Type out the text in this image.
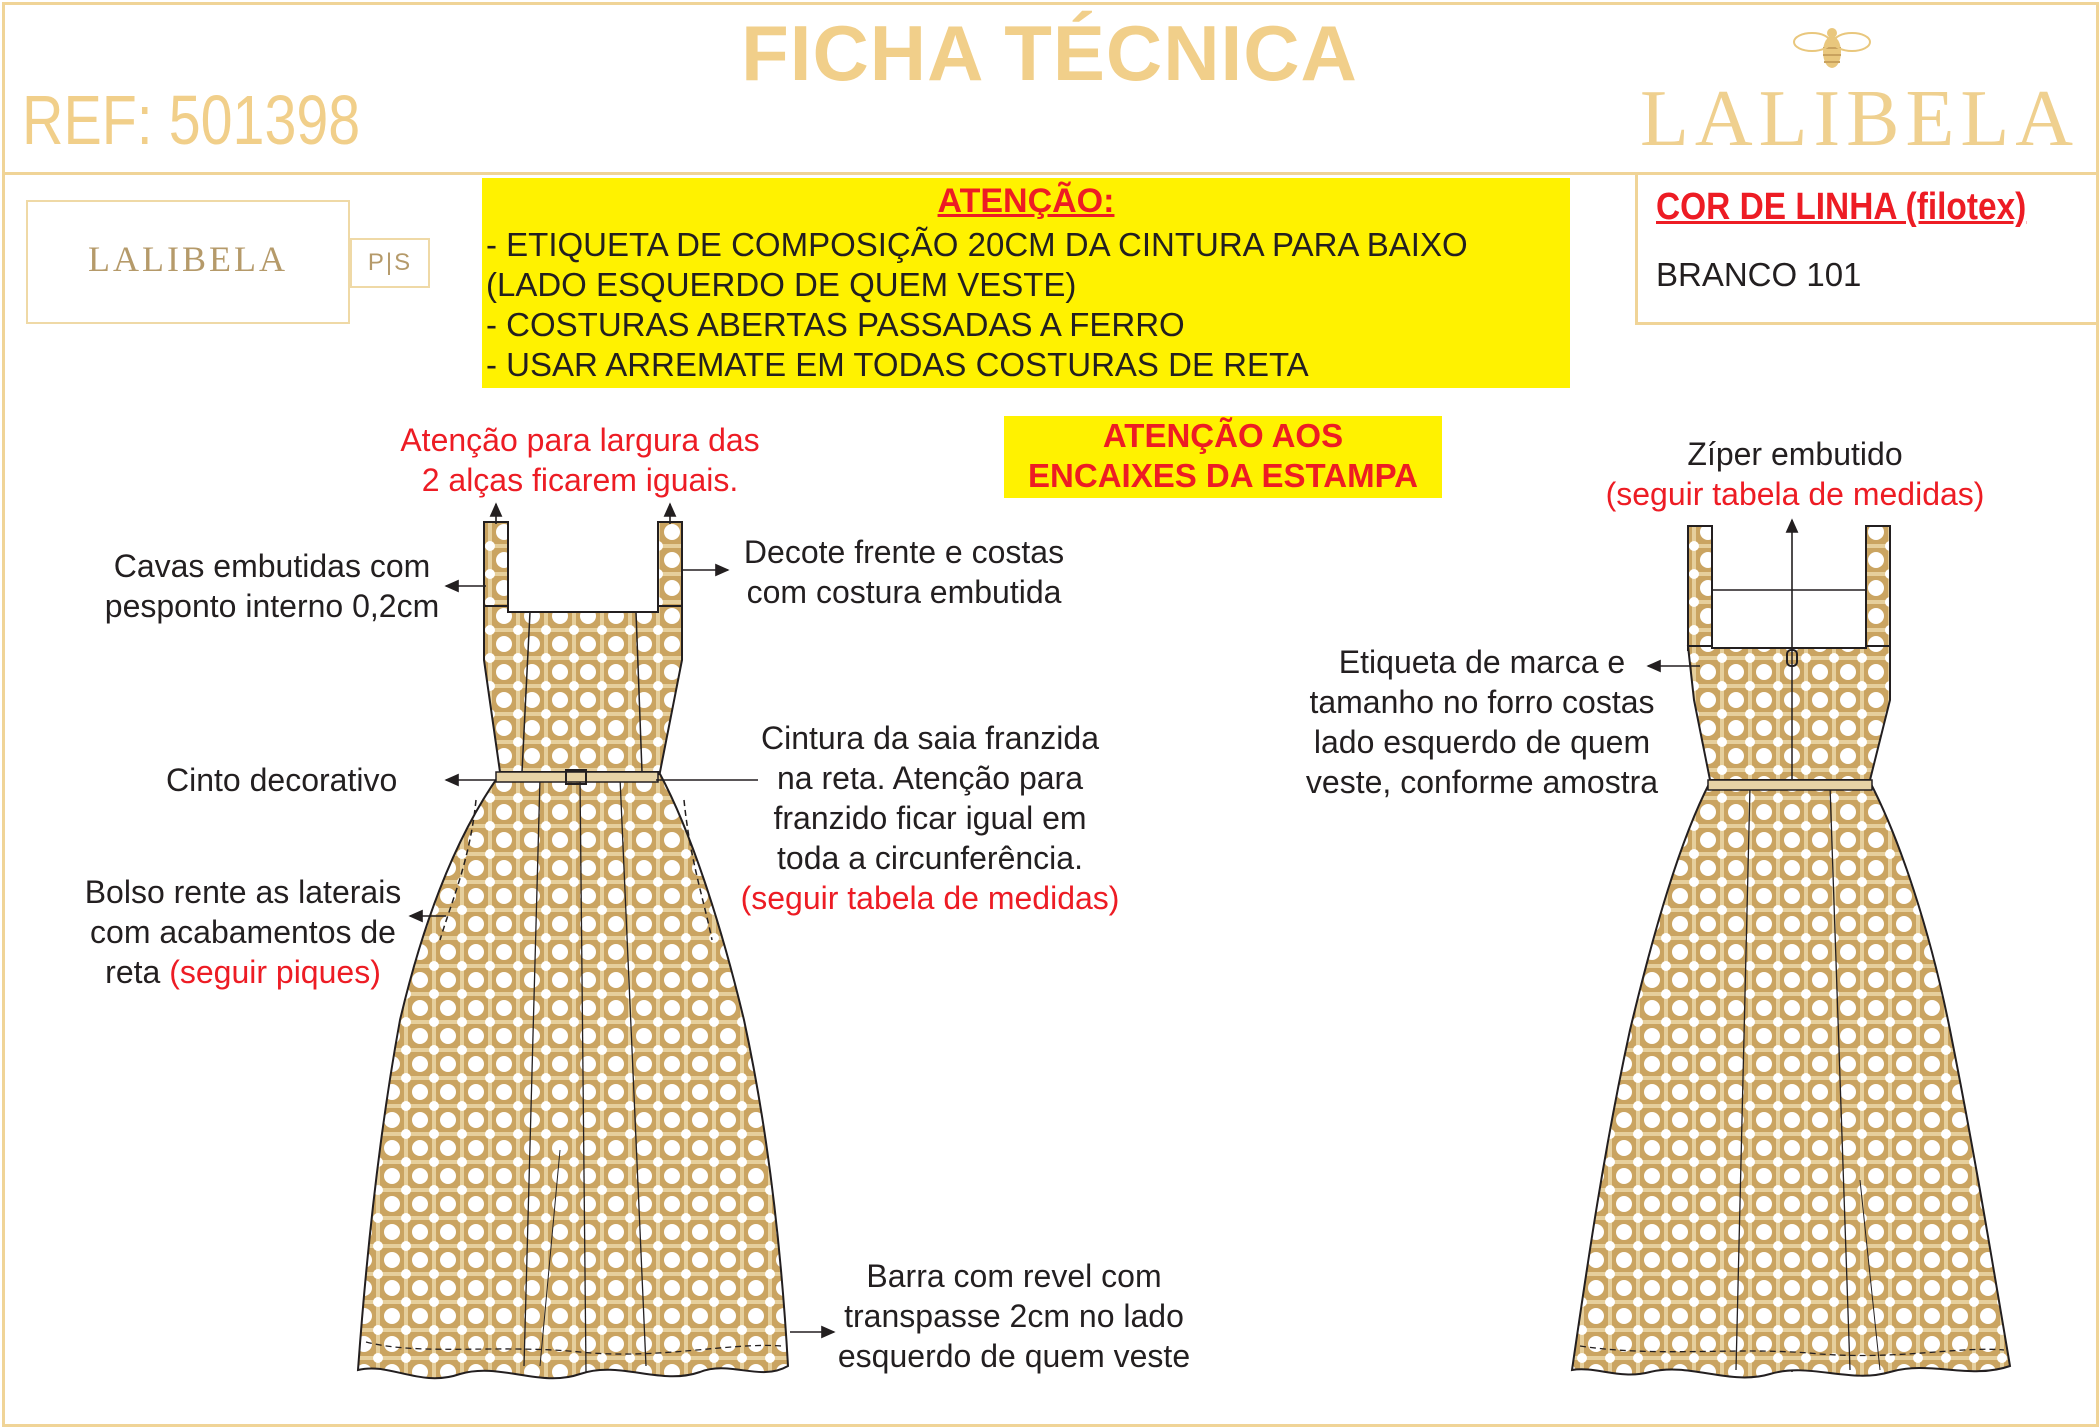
FICHA TÉCNICA
REF: 501398	LALIBELA
LALIBELA	P|S
ATENÇÃO:
- ETIQUETA DE COMPOSIÇÃO 20CM DA CINTURA PARA BAIXO
(LADO ESQUERDO DE QUEM VESTE)
- COSTURAS ABERTAS PASSADAS A FERRO
- USAR ARREMATE EM TODAS COSTURAS DE RETA
COR DE LINHA (filotex)
BRANCO 101
ATENÇÃO AOS
ENCAIXES DA ESTAMPA
Atenção para largura das
2 alças ficarem iguais.
Cavas embutidas com
pesponto interno 0,2cm
Decote frente e costas
com costura embutida
Cinto decorativo
Cintura da saia franzida
na reta. Atenção para
franzido ficar igual em
toda a circunferência.
(seguir tabela de medidas)
Bolso rente as laterais
com acabamentos de
reta (seguir piques)
Barra com revel com
transpasse 2cm no lado
esquerdo de quem veste
Zíper embutido
(seguir tabela de medidas)
Etiqueta de marca e
tamanho no forro costas
lado esquerdo de quem
veste, conforme amostra
